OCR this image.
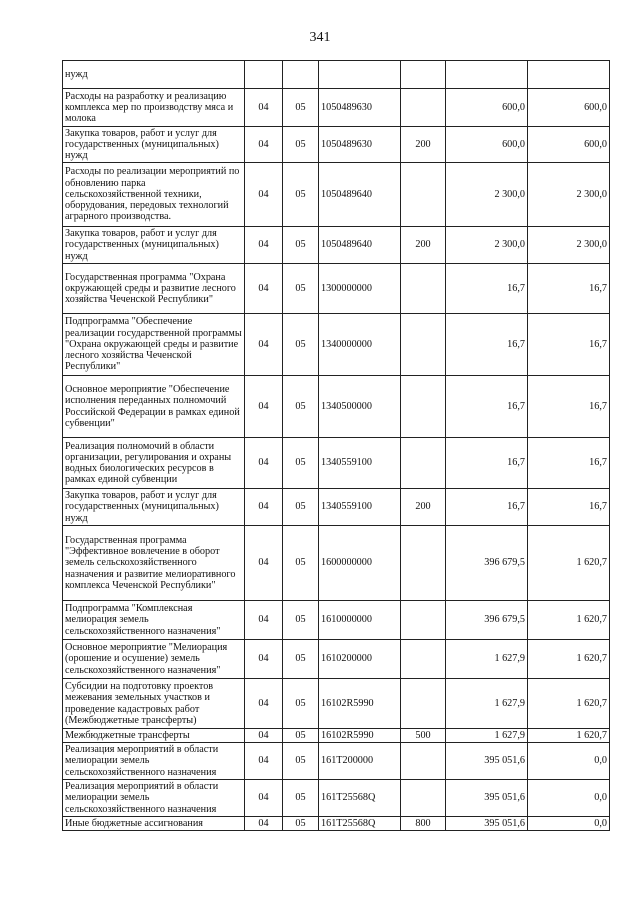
341
нужд						
Расходы на разработку и реализацию комплекса мер по производству мяса и молока	04	05	1050489630		600,0	600,0
Закупка товаров, работ и услуг для государственных (муниципальных) нужд	04	05	1050489630	200	600,0	600,0
Расходы по реализации мероприятий по обновлению парка сельскохозяйственной техники, оборудования, передовых технологий аграрного производства.	04	05	1050489640		2 300,0	2 300,0
Закупка товаров, работ и услуг для государственных (муниципальных) нужд	04	05	1050489640	200	2 300,0	2 300,0
Государственная программа "Охрана окружающей среды и развитие лесного хозяйства Чеченской Республики"	04	05	1300000000		16,7	16,7
Подпрограмма "Обеспечение реализации государственной программы "Охрана окружающей среды и развитие лесного хозяйства Чеченской Республики"	04	05	1340000000		16,7	16,7
Основное мероприятие "Обеспечение исполнения переданных полномочий Российской Федерации в рамках единой субвенции"	04	05	1340500000		16,7	16,7
Реализация полномочий в области организации, регулирования и охраны водных биологических ресурсов в рамках единой субвенции	04	05	1340559100		16,7	16,7
Закупка товаров, работ и услуг для государственных (муниципальных) нужд	04	05	1340559100	200	16,7	16,7
Государственная программа "Эффективное вовлечение в оборот земель сельскохозяйственного назначения и развитие мелиоративного комплекса Чеченской Республики"	04	05	1600000000		396 679,5	1 620,7
Подпрограмма "Комплексная мелиорация земель сельскохозяйственного назначения"	04	05	1610000000		396 679,5	1 620,7
Основное мероприятие "Мелиорация (орошение и осушение) земель сельскохозяйственного назначения"	04	05	1610200000		1 627,9	1 620,7
Субсидии на подготовку проектов межевания земельных участков и проведение кадастровых работ (Межбюджетные трансферты)	04	05	16102R5990		1 627,9	1 620,7
Межбюджетные трансферты	04	05	16102R5990	500	1 627,9	1 620,7
Реализация мероприятий в области мелиорации земель сельскохозяйственного назначения	04	05	161T200000		395 051,6	0,0
Реализация мероприятий в области мелиорации земель сельскохозяйственного назначения	04	05	161T25568Q		395 051,6	0,0
Иные бюджетные ассигнования	04	05	161T25568Q	800	395 051,6	0,0
